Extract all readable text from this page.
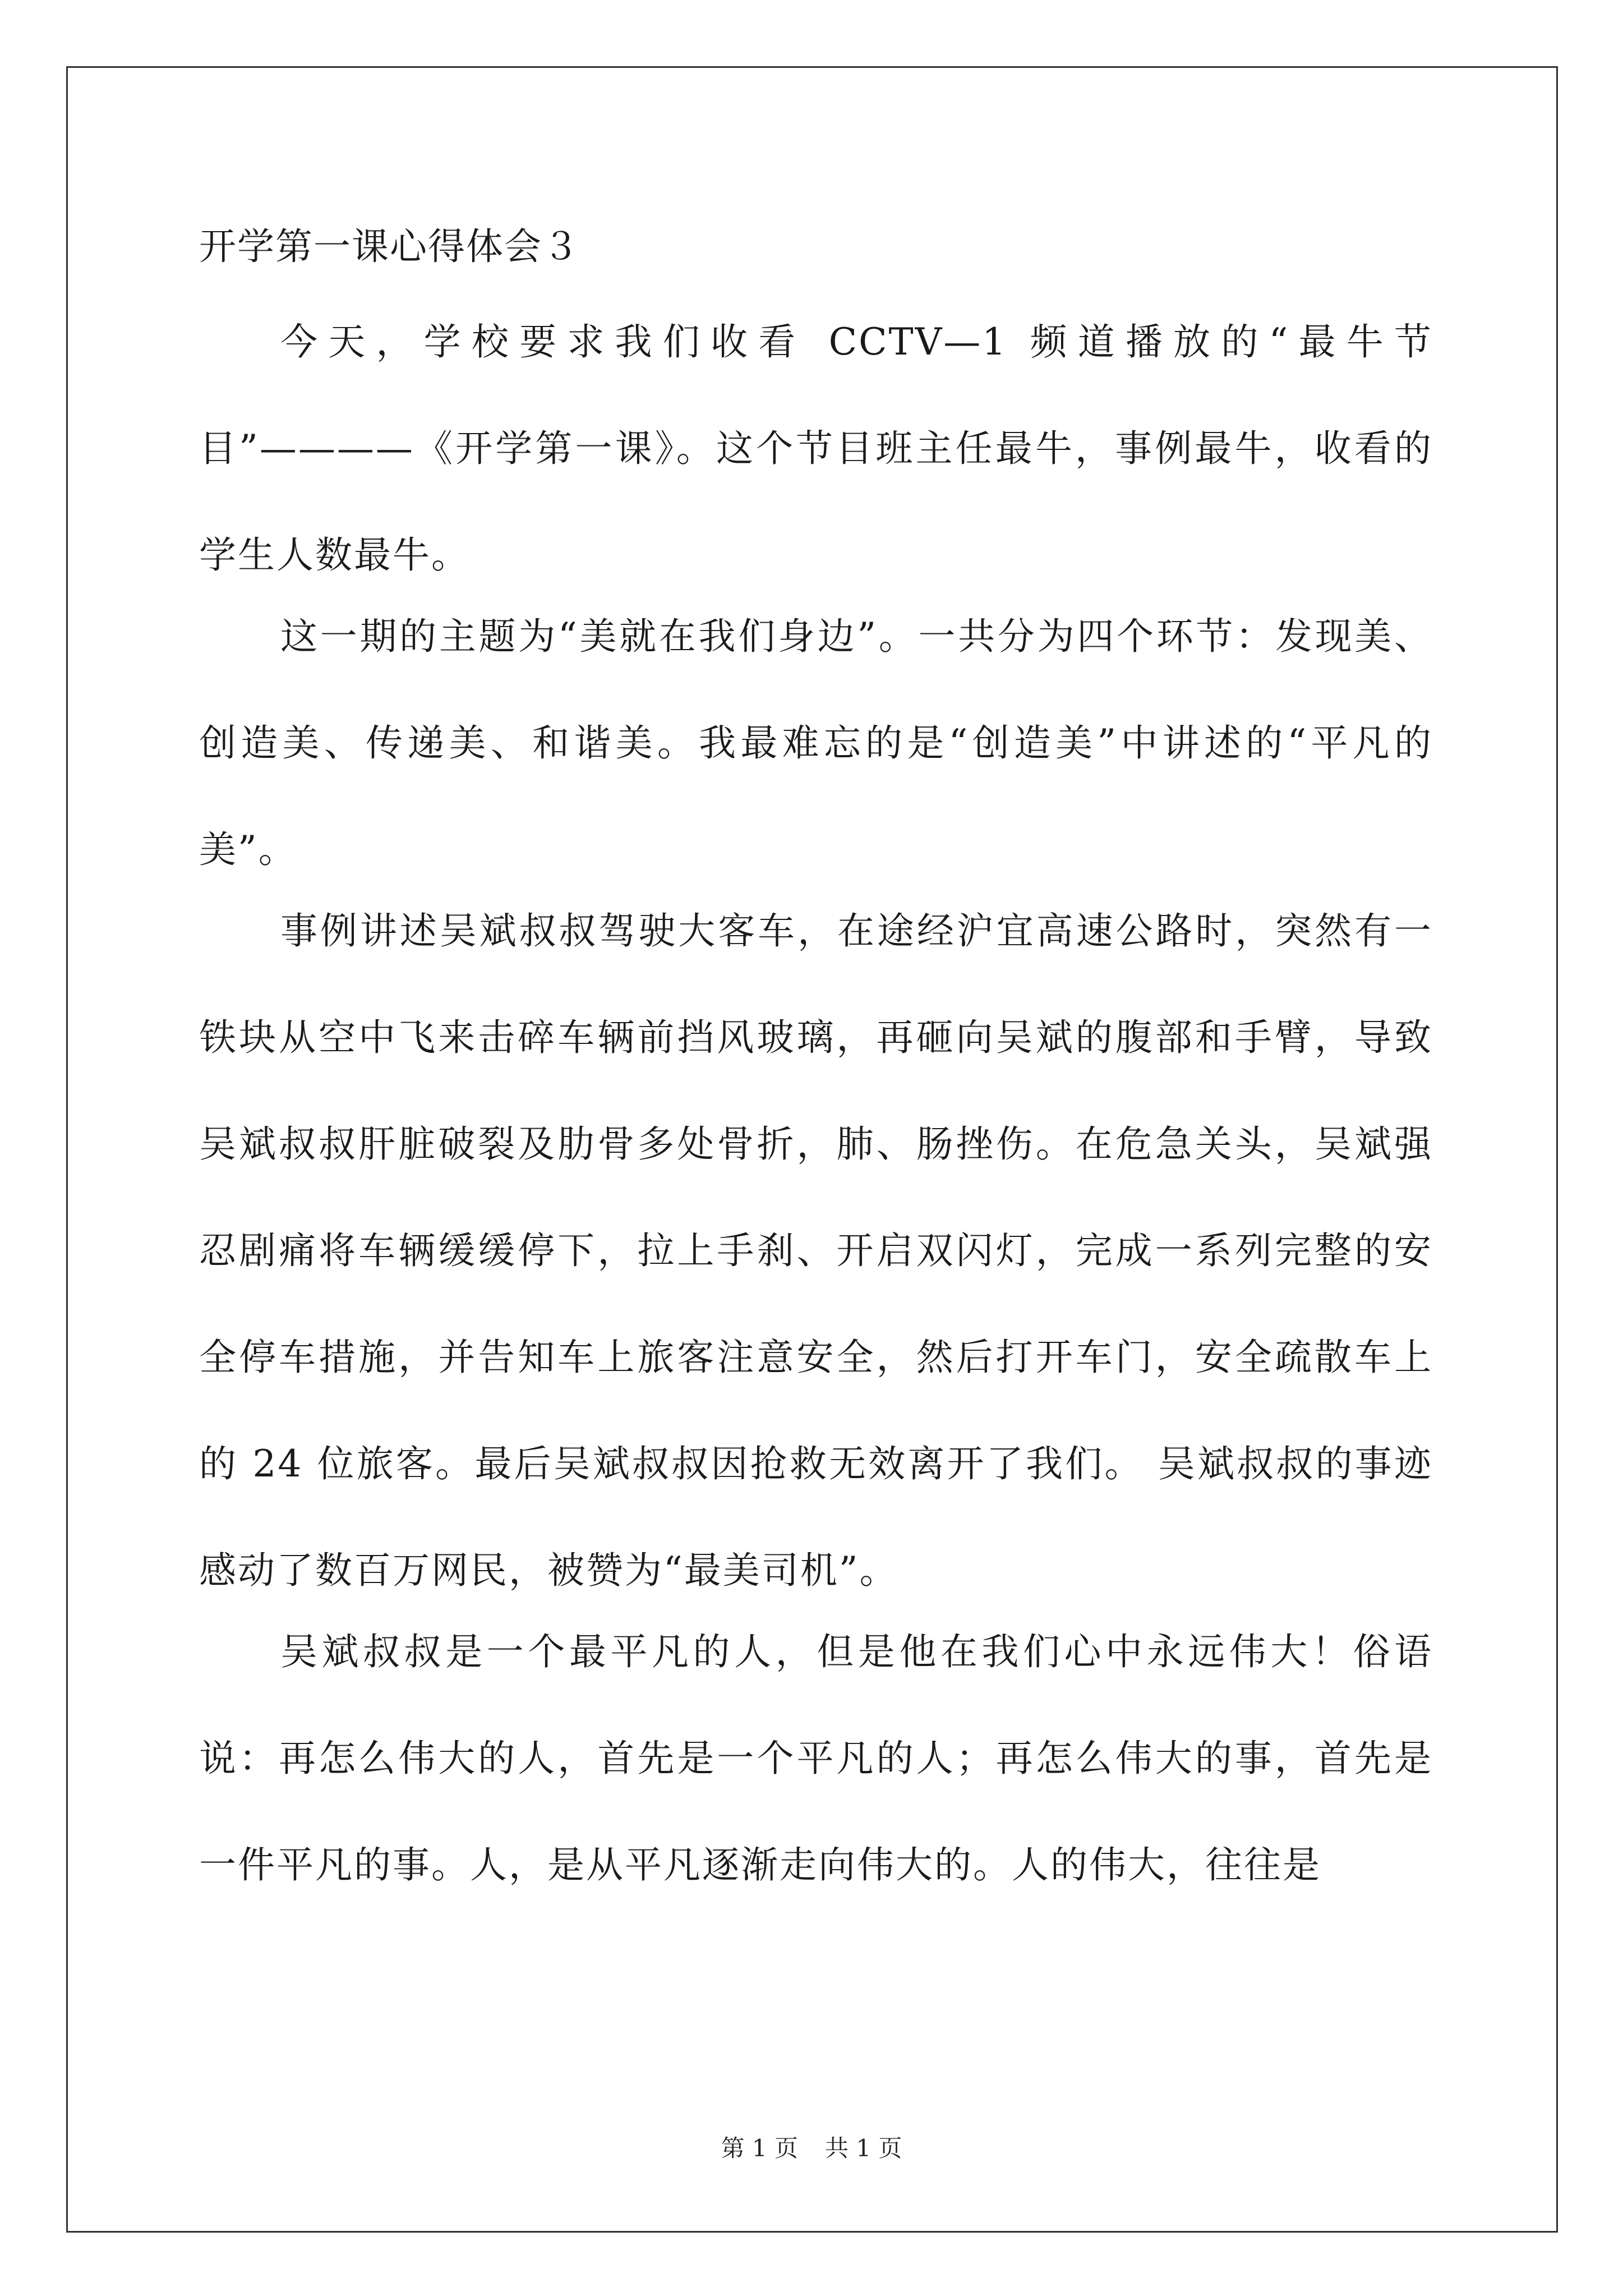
开学第一课心得体会３

今天，学校要求我们收看 CCTV—1 频道播放的“最牛节目”————《开学第一课》。这个节目班主任最牛，事例最牛，收看的学生人数最牛。

这一期的主题为“美就在我们身边”。一共分为四个环节：发现美、创造美、传递美、和谐美。我最难忘的是“创造美”中讲述的“平凡的美”。

事例讲述吴斌叔叔驾驶大客车，在途经沪宜高速公路时，突然有一铁块从空中飞来击碎车辆前挡风玻璃，再砸向吴斌的腹部和手臂，导致吴斌叔叔肝脏破裂及肋骨多处骨折，肺、肠挫伤。在危急关头，吴斌强忍剧痛将车辆缓缓停下，拉上手刹、开启双闪灯，完成一系列完整的安全停车措施，并告知车上旅客注意安全，然后打开车门，安全疏散车上的 24 位旅客。最后吴斌叔叔因抢救无效离开了我们。 吴斌叔叔的事迹感动了数百万网民，被赞为“最美司机”。

吴斌叔叔是一个最平凡的人，但是他在我们心中永远伟大！俗语说：再怎么伟大的人，首先是一个平凡的人；再怎么伟大的事，首先是一件平凡的事。人，是从平凡逐渐走向伟大的。人的伟大，往往是

第 1 页 共 1 页
